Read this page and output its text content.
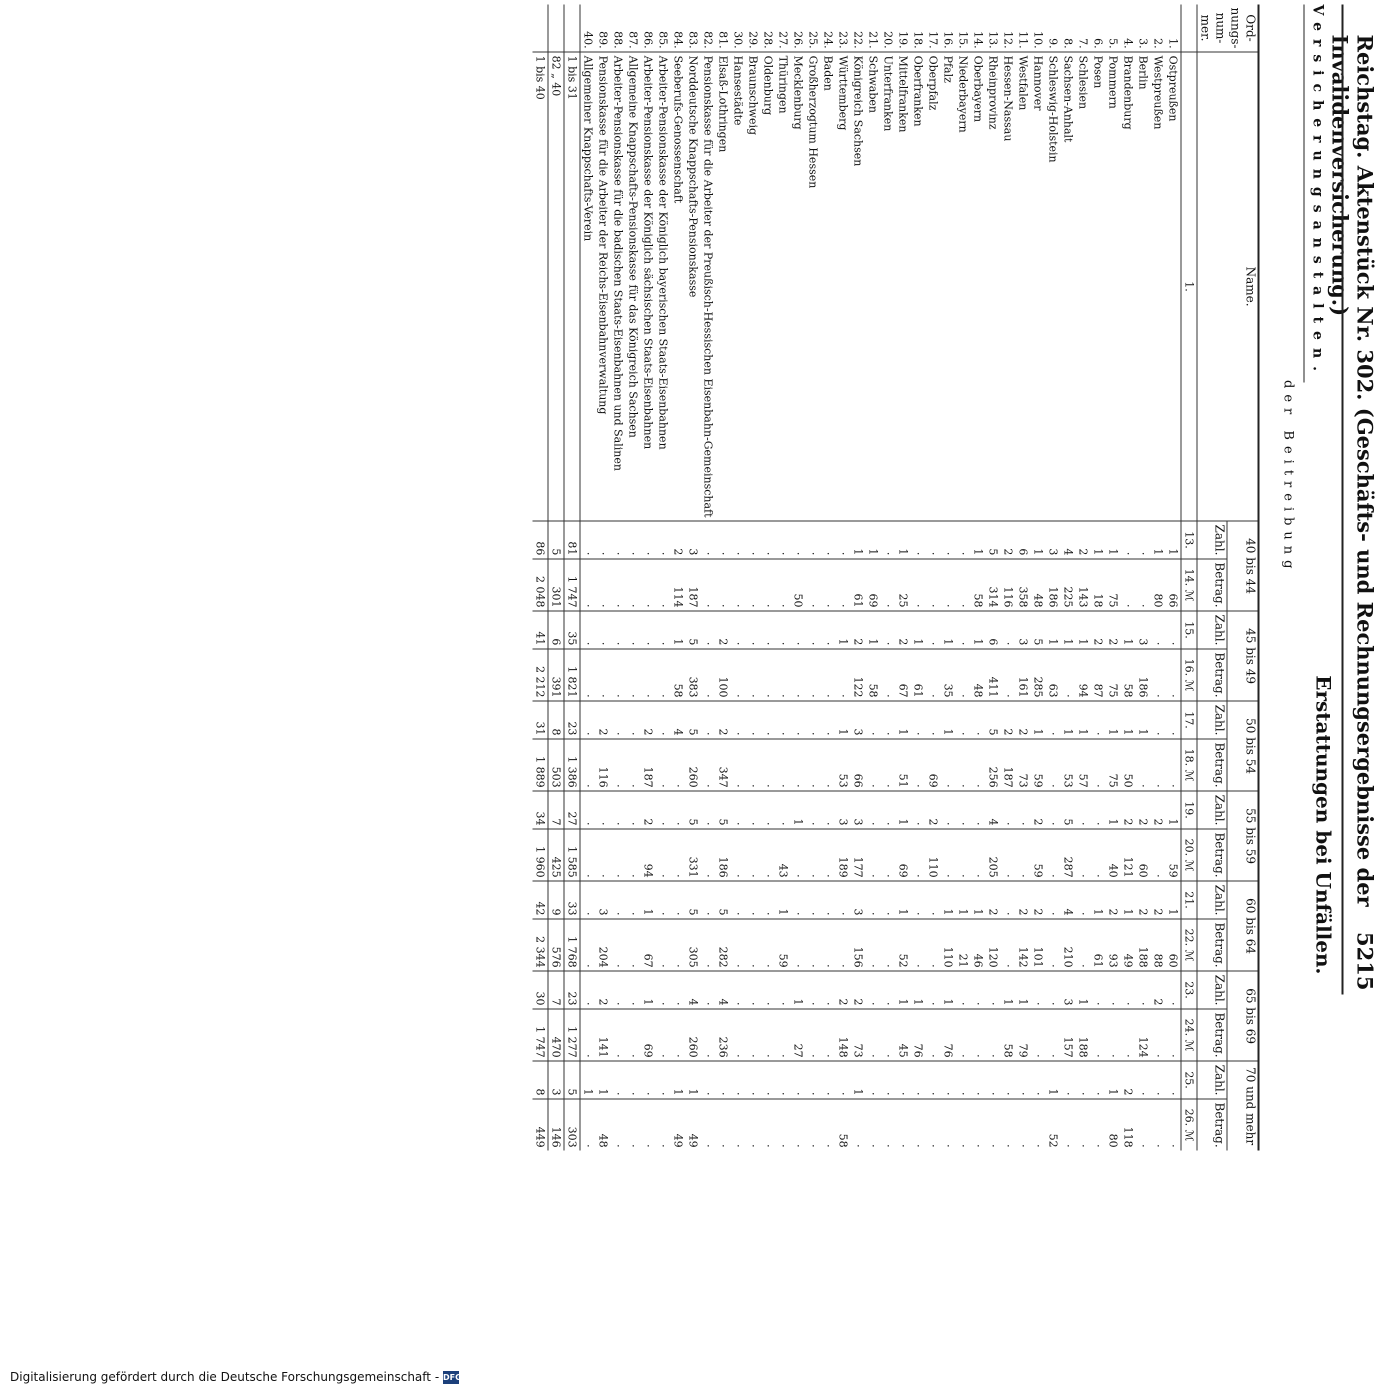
Reichstag. Aktenstück Nr. 302. (Geschäfts- und Rechnungsergebnisse der Invalidenversicherung.)
5215
Versicherungsanstalten.
Erstattungen bei Unfällen.
der Beitreibung
Ord-nungs-num-mer.	Name.	40 bis 44		45 bis 49		50 bis 54		55 bis 59		60 bis 64		65 bis 69		70 und mehr	
		Zahl.	Betrag.	Zahl.	Betrag.	Zahl.	Betrag.	Zahl.	Betrag.	Zahl.	Betrag.	Zahl.	Betrag.	Zahl.	Betrag.
	1.	13.	14. ℳ	15.	16. ℳ	17.	18. ℳ	19.	20. ℳ	21.	22. ℳ	23.	24. ℳ	25.	26. ℳ
1.	Ostpreußen	1	66	·	·	·	·	1	59	1	60	·	·	·	·
2.	Westpreußen	1	80	·	·	·	·	2	·	2	88	2	·	·	·
3.	Berlin	·	·	3	186	1	·	2	60	2	188	·	124	·	·
4.	Brandenburg	·	·	1	58	1	50	2	121	1	49	·	·	2	118
5.	Pommern	1	75	2	75	1	75	1	40	2	93	·	·	1	80
6.	Posen	1	18	2	87	·	·	·	·	1	61	·	·	·	·
7.	Schlesien	2	143	1	94	1	57	·	·	·	·	1	188	·	·
8.	Sachsen-Anhalt	4	225	1	·	1	53	5	287	4	210	3	157	·	·
9.	Schleswig-Holstein	3	186	1	63	·	·	·	·	·	·	·	·	1	52
10.	Hannover	1	48	5	285	1	59	2	59	2	101	·	·	·	·

11.	Westfalen	6	358	3	161	2	73	·	·	2	142	1	79	·	·
12.	Hessen-Nassau	2	116	·	·	2	187	·	·	·	·	1	58	·	·
13.	Rheinprovinz	5	314	6	411	5	256	4	205	2	120	·	·	·	·
14.	Oberbayern	1	58	1	48	·	·	·	·	1	46	·	·	·	·
15.	Niederbayern	·	·	·	·	·	·	·	·	1	21	·	·	·	·
16.	Pfalz	·	·	1	35	1	·	·	·	1	110	1	76	·	·
17.	Oberpfalz	·	·	·	·	·	69	2	110	·	·	·	·	·	·
18.	Oberfranken	·	·	1	61	·	·	·	·	·	·	1	76	·	·
19.	Mittelfranken	1	25	2	67	1	51	1	69	1	52	1	45	·	·
20.	Unterfranken	·	·	·	·	·	·	·	·	·	·	·	·	·	·

21.	Schwaben	1	69	1	58	·	·	·	·	·	·	·	·	·	·
22.	Königreich Sachsen	1	61	2	122	3	66	3	177	3	156	2	73	1	·
23.	Württemberg	·	·	1	·	1	53	3	189	·	·	2	148	·	58
24.	Baden	·	·	·	·	·	·	·	·	·	·	·	·	·	·
25.	Großherzogtum Hessen	·	·	·	·	·	·	·	·	·	·	·	·	·	·
26.	Mecklenburg	·	50	·	·	·	·	1	·	·	·	1	27	·	·
27.	Thüringen	·	·	·	·	·	·	·	43	1	59	·	·	·	·
28.	Oldenburg	·	·	·	·	·	·	·	·	·	·	·	·	·	·
29.	Braunschweig	·	·	·	·	·	·	·	·	·	·	·	·	·	·
30.	Hansestädte	·	·	·	·	·	·	·	·	·	·	·	·	·	·

81.	Elsaß-Lothringen	·	·	2	100	2	347	5	186	5	282	4	236	·	·
82.	Pensionskasse für die Arbeiter der Preußisch-Hessischen Eisenbahn-Gemeinschaft	·	·	·	·	·	·	·	·	·	·	·	·	·	·
83.	Norddeutsche Knappschafts-Pensionskasse	3	187	5	383	5	260	5	331	5	305	4	260	1	49
84.	Seeberufs-Genossenschaft	2	114	1	58	4	·	·	·	·	·	·	·	1	49
85.	Arbeiter-Pensionskasse der Königlich bayerischen Staats-Eisenbahnen	·	·	·	·	·	·	·	·	·	·	·	·	·	·
86.	Arbeiter-Pensionskasse der Königlich sächsischen Staats-Eisenbahnen	·	·	·	·	2	187	2	94	1	67	1	69	·	·
87.	Allgemeine Knappschafts-Pensionskasse für das Königreich Sachsen	·	·	·	·	·	·	·	·	·	·	·	·	·	·
88.	Arbeiter-Pensionskasse für die badischen Staats-Eisenbahnen und Salinen	·	·	·	·	·	·	·	·	·	·	·	·	·	·
89.	Pensionskasse für die Arbeiter der Reichs-Eisenbahnverwaltung	·	·	·	·	2	116	·	·	3	204	2	141	1	48
40.	Allgemeiner Knappschafts-Verein	·	·	·	·	·	·	·	·	·	·	·	·	1	·
	1 bis 31	81	1 747	35	1 821	23	1 386	27	1 585	33	1 768	23	1 277	5	303
	82 „ 40	5	301	6	391	8	503	7	425	9	576	7	470	3	146
	1 bis 40	86	2 048	41	2 212	31	1 889	34	1 960	42	2 344	30	1 747	8	449
Digitalisierung gefördert durch die Deutsche Forschungsgemeinschaft - DFG
